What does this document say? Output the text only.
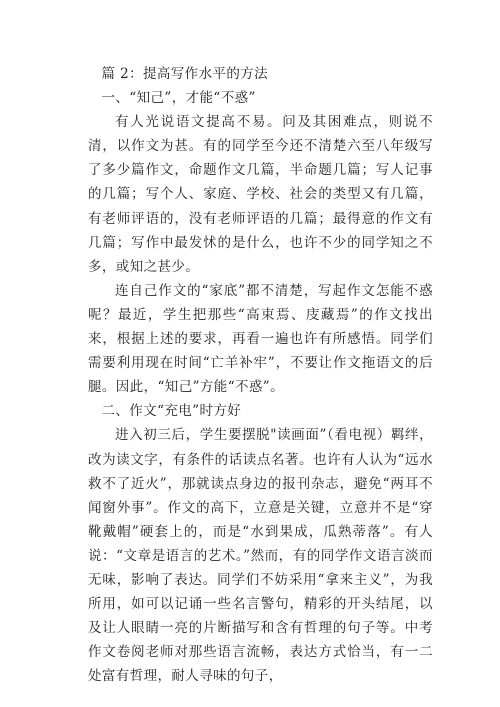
篇 2：提高写作水平的方法

一、“知己”，才能“不惑”

有人光说语文提高不易。问及其困难点，则说不清，以作文为甚。有的同学至今还不清楚六至八年级写了多少篇作文，命题作文几篇，半命题几篇；写人记事的几篇；写个人、家庭、学校、社会的类型又有几篇，有老师评语的，没有老师评语的几篇；最得意的作文有几篇；写作中最发怵的是什么，也许不少的同学知之不多，或知之甚少。

连自己作文的“家底”都不清楚，写起作文怎能不惑呢？最近，学生把那些“高束焉、庋藏焉”的作文找出来，根据上述的要求，再看一遍也许有所感悟。同学们需要利用现在时间“亡羊补牢”，不要让作文拖语文的后腿。因此，“知己”方能“不惑”。

二、作文“充电”时方好

进入初三后，学生要摆脱"读画面”（看电视）羁绊，改为读文字，有条件的话读点名著。也许有人认为“远水救不了近火”，那就读点身边的报刊杂志，避免“两耳不闻窗外事”。作文的高下，立意是关键，立意并不是“穿靴戴帽”硬套上的，而是“水到果成，瓜熟蒂落”。有人说：“文章是语言的艺术。”然而，有的同学作文语言淡而无味，影响了表达。同学们不妨采用“拿来主义”，为我所用，如可以记诵一些名言警句，精彩的开头结尾，以及让人眼睛一亮的片断描写和含有哲理的句子等。中考作文卷阅老师对那些语言流畅，表达方式恰当，有一二处富有哲理，耐人寻味的句子，
